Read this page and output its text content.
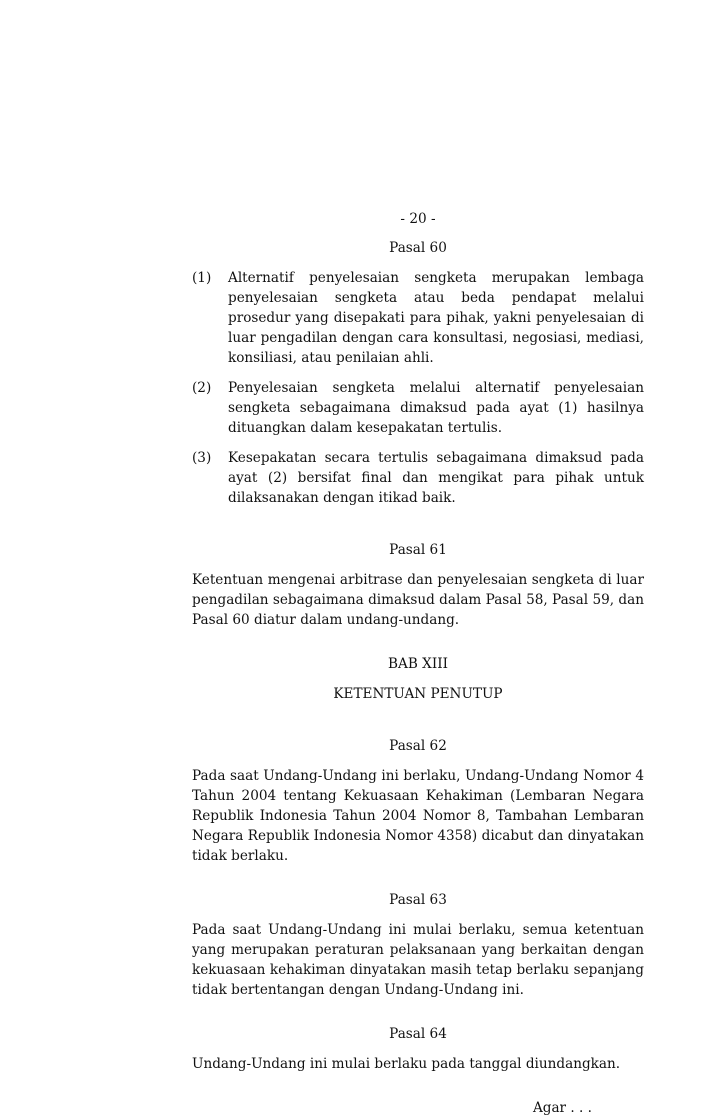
- 20 -
Pasal 60
(1)	Alternatif penyelesaian sengketa merupakan lembaga penyelesaian sengketa atau beda pendapat melalui prosedur yang disepakati para pihak, yakni penyelesaian di luar pengadilan dengan cara konsultasi, negosiasi, mediasi, konsiliasi, atau penilaian ahli.
(2)	Penyelesaian sengketa melalui alternatif penyelesaian sengketa sebagaimana dimaksud pada ayat (1) hasilnya dituangkan dalam kesepakatan tertulis.
(3)	Kesepakatan secara tertulis sebagaimana dimaksud pada ayat (2) bersifat final dan mengikat para pihak untuk dilaksanakan dengan itikad baik.
Pasal 61

Ketentuan mengenai arbitrase dan penyelesaian sengketa di luar pengadilan sebagaimana dimaksud dalam Pasal 58, Pasal 59, dan Pasal 60 diatur dalam undang-undang.

BAB XIII
KETENTUAN PENUTUP
Pasal 62

Pada saat Undang-Undang ini berlaku, Undang-Undang Nomor 4 Tahun 2004 tentang Kekuasaan Kehakiman (Lembaran Negara Republik Indonesia Tahun 2004 Nomor 8, Tambahan Lembaran Negara Republik Indonesia Nomor 4358) dicabut dan dinyatakan tidak berlaku.

Pasal 63

Pada saat Undang-Undang ini mulai berlaku, semua ketentuan yang merupakan peraturan pelaksanaan yang berkaitan dengan kekuasaan kehakiman dinyatakan masih tetap berlaku sepanjang tidak bertentangan dengan Undang-Undang ini.

Pasal 64

Undang-Undang ini mulai berlaku pada tanggal diundangkan.

Agar . . .
